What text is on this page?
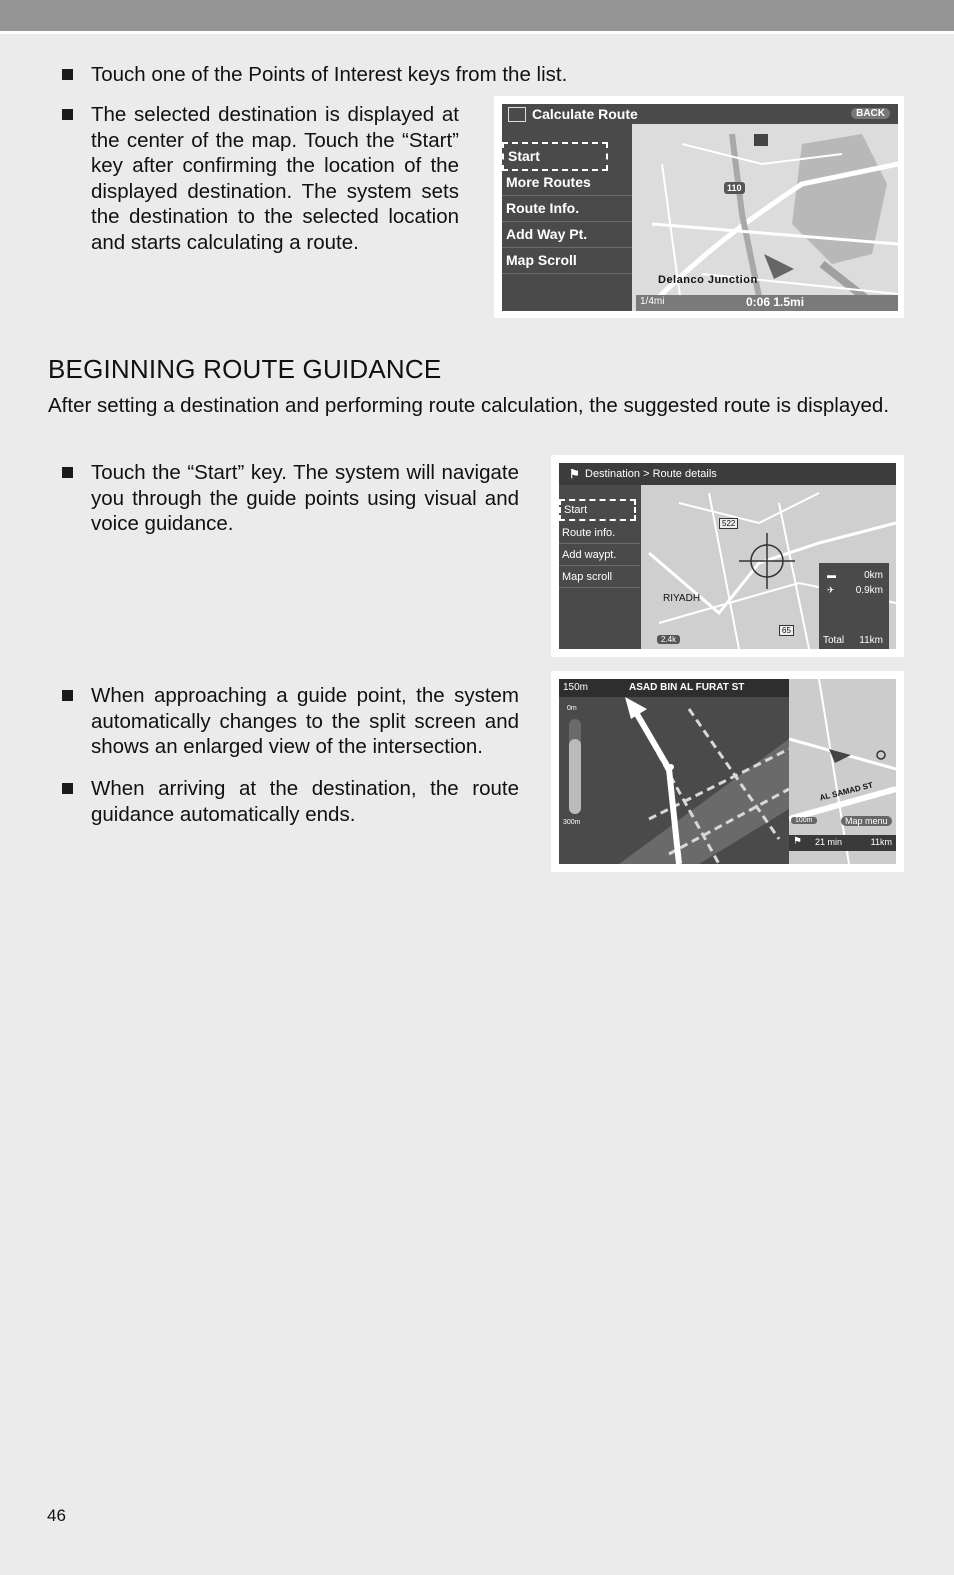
Touch one of the Points of Interest keys from the list.
The selected destination is displayed at the center of the map. Touch the “Start” key after confirming the location of the displayed destination. The system sets the destination to the selected location and starts calculating a route.
Calculate Route	BACK
Start
More Routes
Route Info.
Add Way Pt.
Map Scroll
110
Delanco Junction
1/4mi	0:06 1.5mi
BEGINNING ROUTE GUIDANCE
After setting a destination and performing route calculation, the suggested route is displayed.
Touch the “Start” key. The system will navigate you through the guide points using visual and voice guidance.
⚑ Destination > Route details
Start
Route info.
Add waypt.
Map scroll
522
RIYADH
65
2.4k
▬	0km
✈ 0.9km
Total 11km
When approaching a guide point, the system automatically changes to the split screen and shows an enlarged view of the intersection.
When arriving at the destination, the route guidance automatically ends.
150m	ASAD BIN AL FURAT ST
0m
300m
AL SAMAD ST
100m	Map menu
⚑ 21 min	11km
46
